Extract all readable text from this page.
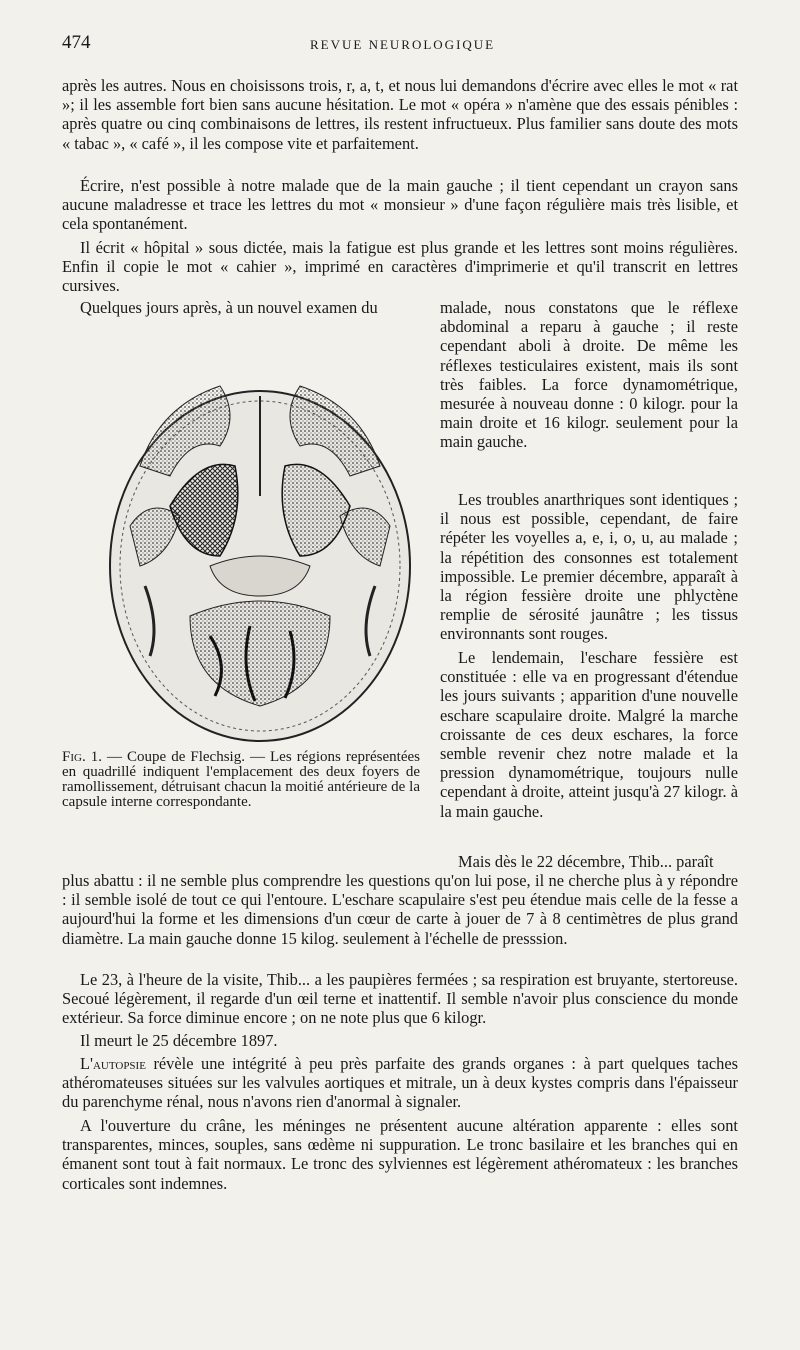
474	REVUE NEUROLOGIQUE

après les autres. Nous en choisissons trois, r, a, t, et nous lui demandons d'écrire avec elles le mot « rat »; il les assemble fort bien sans aucune hésitation. Le mot « opéra » n'amène que des essais pénibles : après quatre ou cinq combinaisons de lettres, ils restent infructueux. Plus familier sans doute des mots « tabac », « café », il les compose vite et parfaitement.

Écrire, n'est possible à notre malade que de la main gauche ; il tient cependant un crayon sans aucune maladresse et trace les lettres du mot « monsieur » d'une façon régulière mais très lisible, et cela spontanément.

Il écrit « hôpital » sous dictée, mais la fatigue est plus grande et les lettres sont moins régulières. Enfin il copie le mot « cahier », imprimé en caractères d'imprimerie et qu'il transcrit en lettres cursives.

Quelques jours après, à un nouvel examen du	malade, nous constatons que le réflexe abdominal a reparu à gauche ; il reste cependant aboli à droite. De même les réflexes testiculaires existent, mais ils sont très faibles. La force dynamométrique, mesurée à nouveau donne : 0 kilogr. pour la main droite et 16 kilogr. seulement pour la main gauche.

Les troubles anarthriques sont identiques ; il nous est possible, cependant, de faire répéter les voyelles a, e, i, o, u, au malade ; la répétition des consonnes est totalement impossible. Le premier décembre, apparaît à la région fessière droite une phlyctène remplie de sérosité jaunâtre ; les tissus environnants sont rouges.

Le lendemain, l'eschare fessière est constituée : elle va en progressant d'étendue les jours suivants ; apparition d'une nouvelle eschare scapulaire droite. Malgré la marche croissante de ces deux eschares, la force semble revenir chez notre malade et la pression dynamométrique, toujours nulle cependant à droite, atteint jusqu'à 27 kilogr. à la main gauche.

Mais dès le 22 décembre, Thib... paraît

Fig. 1. — Coupe de Flechsig. — Les régions représentées en quadrillé indiquent l'emplacement des deux foyers de ramollissement, détruisant chacun la moitié antérieure de la capsule interne correspondante.

plus abattu : il ne semble plus comprendre les questions qu'on lui pose, il ne cherche plus à y répondre : il semble isolé de tout ce qui l'entoure. L'eschare scapulaire s'est peu étendue mais celle de la fesse a aujourd'hui la forme et les dimensions d'un cœur de carte à jouer de 7 à 8 centimètres de plus grand diamètre. La main gauche donne 15 kilog. seulement à l'échelle de presssion.

Le 23, à l'heure de la visite, Thib... a les paupières fermées ; sa respiration est bruyante, stertoreuse. Secoué légèrement, il regarde d'un œil terne et inattentif. Il semble n'avoir plus conscience du monde extérieur. Sa force diminue encore ; on ne note plus que 6 kilogr.

Il meurt le 25 décembre 1897.

L'autopsie révèle une intégrité à peu près parfaite des grands organes : à part quelques taches athéromateuses situées sur les valvules aortiques et mitrale, un à deux kystes compris dans l'épaisseur du parenchyme rénal, nous n'avons rien d'anormal à signaler.

A l'ouverture du crâne, les méninges ne présentent aucune altération apparente : elles sont transparentes, minces, souples, sans œdème ni suppuration. Le tronc basilaire et les branches qui en émanent sont tout à fait normaux. Le tronc des sylviennes est légèrement athéromateux : les branches corticales sont indemnes.
